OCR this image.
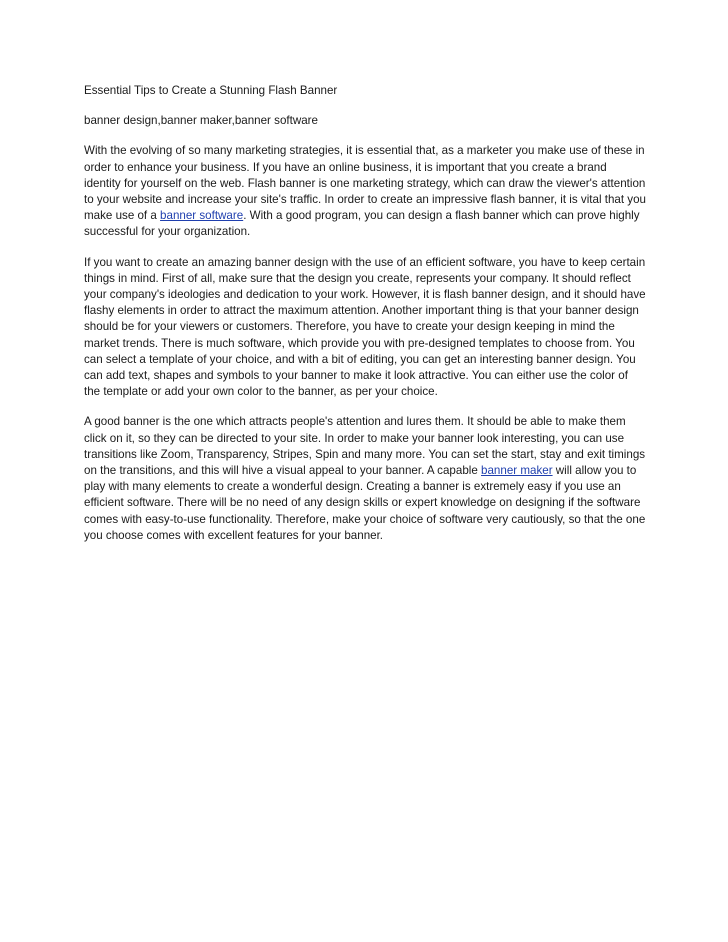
Essential Tips to Create a Stunning Flash Banner
banner design,banner maker,banner software

With the evolving of so many marketing strategies, it is essential that, as a marketer you make use of these in order to enhance your business. If you have an online business, it is important that you create a brand identity for yourself on the web. Flash banner is one marketing strategy, which can draw the viewer's attention to your website and increase your site's traffic. In order to create an impressive flash banner, it is vital that you make use of a banner software. With a good program, you can design a flash banner which can prove highly successful for your organization.

If you want to create an amazing banner design with the use of an efficient software, you have to keep certain things in mind. First of all, make sure that the design you create, represents your company. It should reflect your company's ideologies and dedication to your work. However, it is flash banner design, and it should have flashy elements in order to attract the maximum attention. Another important thing is that your banner design should be for your viewers or customers. Therefore, you have to create your design keeping in mind the market trends. There is much software, which provide you with pre-designed templates to choose from. You can select a template of your choice, and with a bit of editing, you can get an interesting banner design. You can add text, shapes and symbols to your banner to make it look attractive. You can either use the color of the template or add your own color to the banner, as per your choice.

A good banner is the one which attracts people's attention and lures them. It should be able to make them click on it, so they can be directed to your site. In order to make your banner look interesting, you can use transitions like Zoom, Transparency, Stripes, Spin and many more. You can set the start, stay and exit timings on the transitions, and this will hive a visual appeal to your banner. A capable banner maker will allow you to play with many elements to create a wonderful design. Creating a banner is extremely easy if you use an efficient software. There will be no need of any design skills or expert knowledge on designing if the software comes with easy-to-use functionality. Therefore, make your choice of software very cautiously, so that the one you choose comes with excellent features for your banner.
